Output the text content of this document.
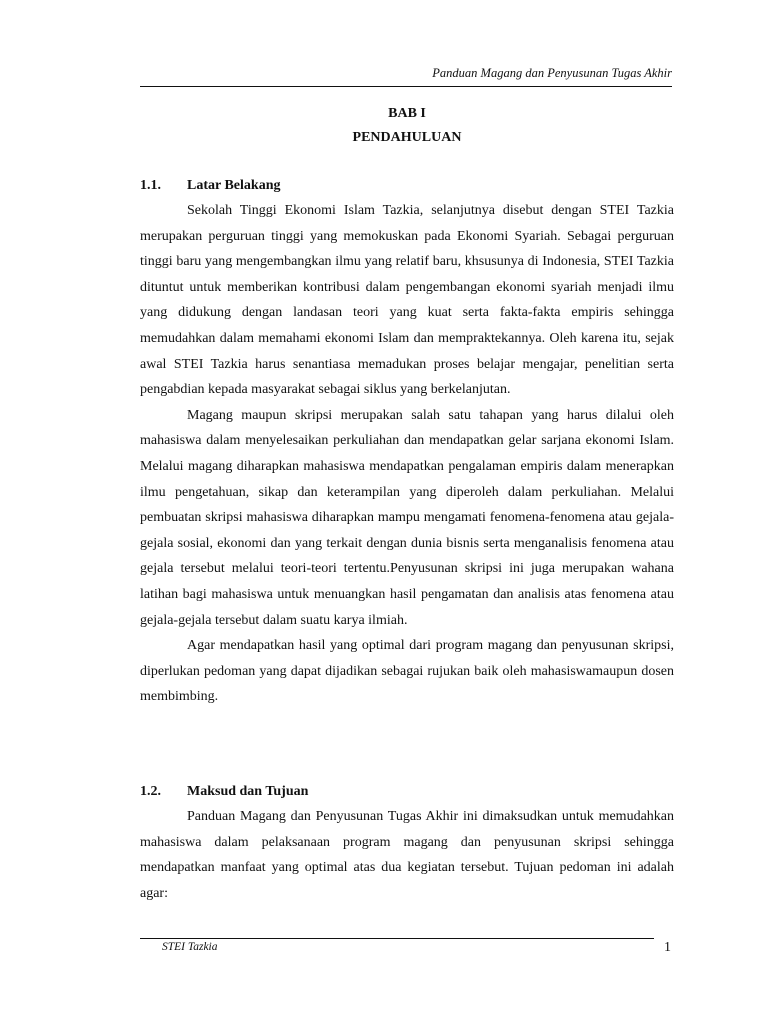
Panduan Magang dan Penyusunan Tugas Akhir
BAB I
PENDAHULUAN
1.1. Latar Belakang

Sekolah Tinggi Ekonomi Islam Tazkia, selanjutnya disebut dengan STEI Tazkia merupakan perguruan tinggi yang memokuskan pada Ekonomi Syariah. Sebagai perguruan tinggi baru yang mengembangkan ilmu yang relatif baru, khsusunya di Indonesia, STEI Tazkia dituntut untuk memberikan kontribusi dalam pengembangan ekonomi syariah menjadi ilmu yang didukung dengan landasan teori yang kuat serta fakta-fakta empiris sehingga memudahkan dalam memahami ekonomi Islam dan mempraktekannya. Oleh karena itu, sejak awal STEI Tazkia harus senantiasa memadukan proses belajar mengajar, penelitian serta pengabdian kepada masyarakat sebagai siklus yang berkelanjutan.

Magang maupun skripsi merupakan salah satu tahapan yang harus dilalui oleh mahasiswa dalam menyelesaikan perkuliahan dan mendapatkan gelar sarjana ekonomi Islam. Melalui magang diharapkan mahasiswa mendapatkan pengalaman empiris dalam menerapkan ilmu pengetahuan, sikap dan keterampilan yang diperoleh dalam perkuliahan. Melalui pembuatan skripsi mahasiswa diharapkan mampu mengamati fenomena-fenomena atau gejala-gejala sosial, ekonomi dan yang terkait dengan dunia bisnis serta menganalisis fenomena atau gejala tersebut melalui teori-teori tertentu.Penyusunan skripsi ini juga merupakan wahana latihan bagi mahasiswa untuk menuangkan hasil pengamatan dan analisis atas fenomena atau gejala-gejala tersebut dalam suatu karya ilmiah.

Agar mendapatkan hasil yang optimal dari program magang dan penyusunan skripsi, diperlukan pedoman yang dapat dijadikan sebagai rujukan baik oleh mahasiswamaupun dosen membimbing.

1.2. Maksud dan Tujuan

Panduan Magang dan Penyusunan Tugas Akhir ini dimaksudkan untuk memudahkan mahasiswa dalam pelaksanaan program magang dan penyusunan skripsi sehingga mendapatkan manfaat yang optimal atas dua kegiatan tersebut. Tujuan pedoman ini adalah agar:

STEI Tazkia	1
